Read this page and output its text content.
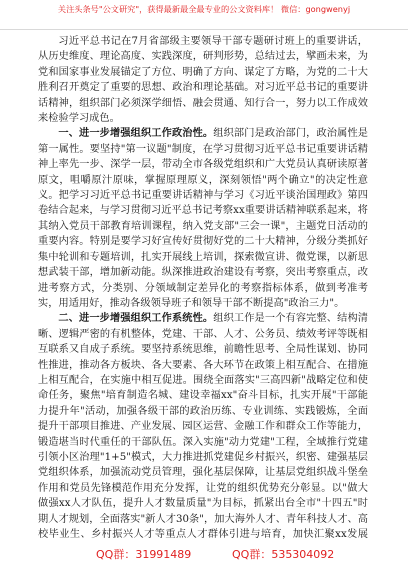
关注头条号"公文研究"，获得最新最全最专业的公文资料库！ 微信：gongwenyj

习近平总书记在7月省部级主要领导干部专题研讨班上的重要讲话，从历史维度、理论高度、实践深度，研判形势，总结过去，擘画未来，为党和国家事业发展锚定了方位、明确了方向、谋定了方略，为党的二十大胜利召开奠定了重要的思想、政治和理论基础。对习近平总书记的重要讲话精神，组织部门必须深学细悟、融会贯通、知行合一，努力以工作成效来检验学习成色。

一、进一步增强组织工作政治性。组织部门是政治部门，政治属性是第一属性。要坚持"第一议题"制度，在学习贯彻习近平总书记重要讲话精神上率先一步、深学一层，带动全市各级党组织和广大党员认真研读原著原文，咀嚼原汁原味，掌握原理原义，深刻领悟"两个确立"的决定性意义。把学习习近平总书记重要讲话精神与学习《习近平谈治国理政》第四卷结合起来，与学习贯彻习近平总书记考察xx重要讲话精神联系起来，将其纳入党员干部教育培训课程，纳入党支部"三会一课"，主题党日活动的重要内容。特别是要学习好宣传好贯彻好党的二十大精神，分级分类抓好集中轮训和专题培训，扎实开展线上培训，探索微宣讲、微党课，以新思想武装干部，增加新动能。纵深推进政治建设有考察，突出考察重点，改进考察方式，分类别、分领域制定差异化的考察指标体系，做到考准考实，用适用好，推动各级领导班子和领导干部不断提高"政治三力"。

二、进一步增强组织工作系统性。组织工作是一个有容完整、结构清晰、逻辑严密的有机整体，党建、干部、人才、公务员、绩效考评等既相互联系又自成子系统。要坚持系统思维，前瞻性思考、全局性谋划、协同性推进，推动各方板块、各大要素、各大环节在政策上相互配合、在措施上相互配合，在实施中相互促进。围绕全面落实"三高四新"战略定位和使命任务，聚焦"培育制造名城、建设幸福xx"奋斗目标，扎实开展"干部能力提升年"活动，加强各级干部的政治历练、专业训练、实践锻炼，全面提升干部项目推进、产业发展、园区运营、金融工作和群众工作等能力，锻造堪当时代重任的干部队伍。深入实施"动力党建"工程，全域推行党建引领小区治理"1+5"模式，大力推进抓党建促乡村振兴，织密、建强基层党组织体系，加强流动党员管理，强化基层保障，让基层党组织战斗堡垒作用和党员先锋模范作用充分发挥，让党的组织优势充分彰显。以"做大做强xx人才队伍，提升人才数量质量"为目标，抓紧出台全市"十四五"时期人才规划，全面落实"新人才30条"，加大海外人才、青年科技人才、高校毕业生、乡村振兴人才等重点人才群体引进与培育，加快汇聚xx发展

QQ群：31991489	QQ群：535304092
